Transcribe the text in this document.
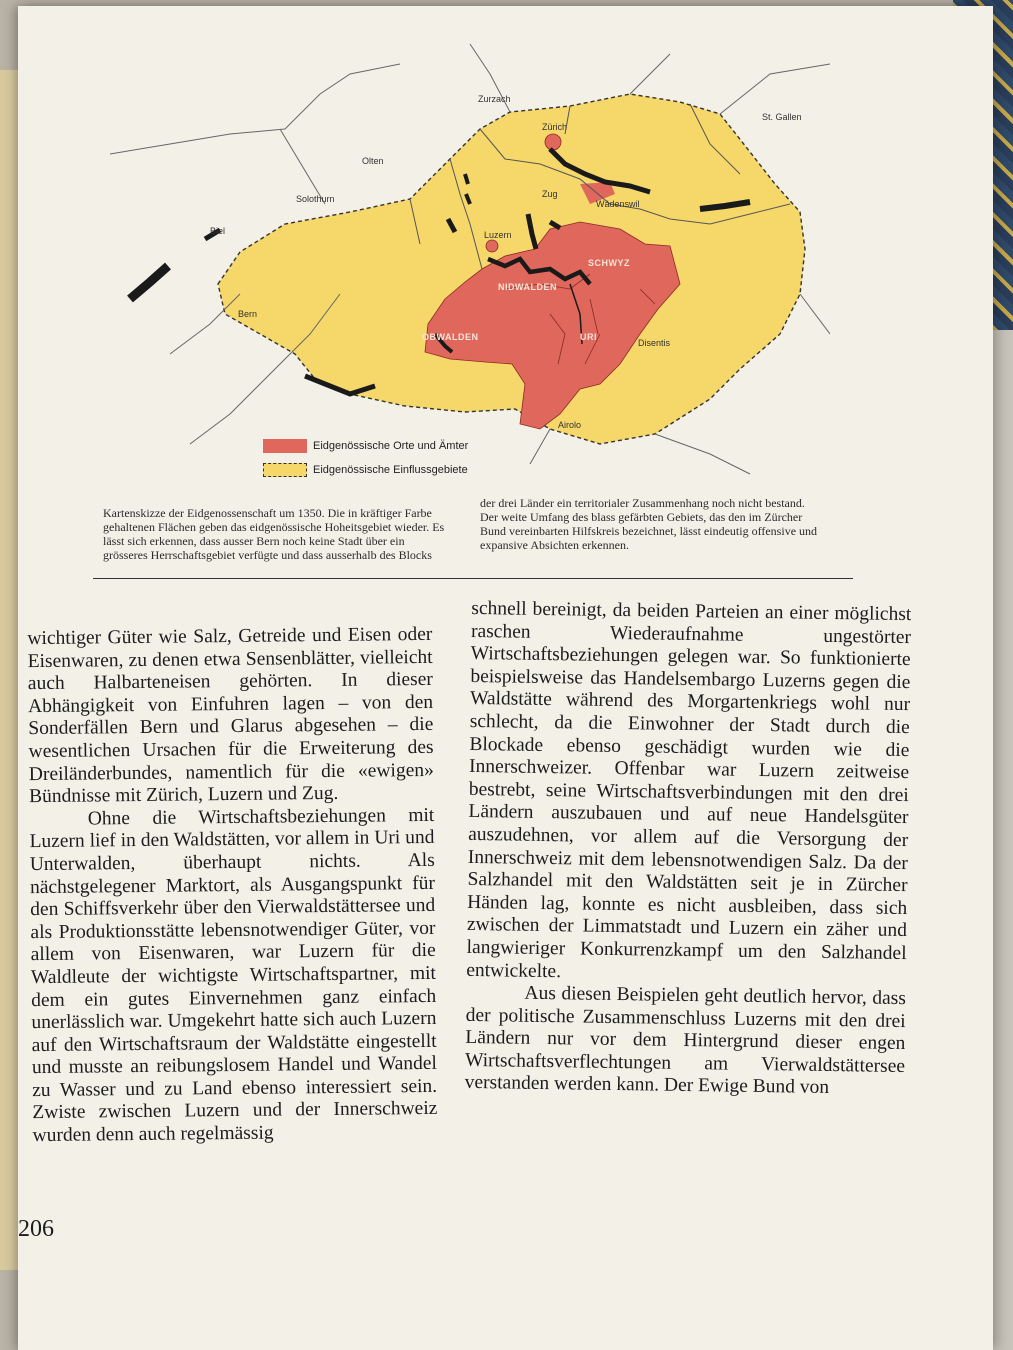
Zurzach
Zürich
St. Gallen
Olten
Solothurn	Zug
Wädenswil
Biel	Luzern
Bern
Disentis
Airolo
SCHWYZ
NIDWALDEN
OBWALDEN	URI
Eidgenössische Orte und Ämter
Eidgenössische Einflussgebiete
Kartenskizze der Eidgenossenschaft um 1350. Die in kräftiger Farbe gehaltenen Flächen geben das eidgenössische Hoheitsgebiet wieder. Es lässt sich erkennen, dass ausser Bern noch keine Stadt über ein grösseres Herrschaftsgebiet verfügte und dass ausserhalb des Blocks
der drei Länder ein territorialer Zusammenhang noch nicht bestand. Der weite Umfang des blass gefärbten Gebiets, das den im Zürcher Bund vereinbarten Hilfskreis bezeichnet, lässt eindeutig offensive und expansive Absichten erkennen.

wichtiger Güter wie Salz, Getreide und Eisen oder Eisenwaren, zu denen etwa Sensenblätter, vielleicht auch Halbarteneisen gehörten. In dieser Abhängigkeit von Einfuhren lagen – von den Sonderfällen Bern und Glarus abgesehen – die wesentlichen Ursachen für die Erweiterung des Dreiländerbundes, namentlich für die «ewigen» Bündnisse mit Zürich, Luzern und Zug.

Ohne die Wirtschaftsbeziehungen mit Luzern lief in den Waldstätten, vor allem in Uri und Unterwalden, überhaupt nichts. Als nächstgelegener Marktort, als Ausgangspunkt für den Schiffsverkehr über den Vierwaldstättersee und als Produktionsstätte lebensnotwendiger Güter, vor allem von Eisenwaren, war Luzern für die Waldleute der wichtigste Wirtschaftspartner, mit dem ein gutes Einvernehmen ganz einfach unerlässlich war. Umgekehrt hatte sich auch Luzern auf den Wirtschaftsraum der Waldstätte eingestellt und musste an reibungslosem Handel und Wandel zu Wasser und zu Land ebenso interessiert sein. Zwiste zwischen Luzern und der Innerschweiz wurden denn auch regelmässig

schnell bereinigt, da beiden Parteien an einer möglichst raschen Wiederaufnahme ungestörter Wirtschaftsbeziehungen gelegen war. So funktionierte beispielsweise das Handelsembargo Luzerns gegen die Waldstätte während des Morgartenkriegs wohl nur schlecht, da die Einwohner der Stadt durch die Blockade ebenso geschädigt wurden wie die Innerschweizer. Offenbar war Luzern zeitweise bestrebt, seine Wirtschaftsverbindungen mit den drei Ländern auszubauen und auf neue Handelsgüter auszudehnen, vor allem auf die Versorgung der Innerschweiz mit dem lebensnotwendigen Salz. Da der Salzhandel mit den Waldstätten seit je in Zürcher Händen lag, konnte es nicht ausbleiben, dass sich zwischen der Limmatstadt und Luzern ein zäher und langwieriger Konkurrenzkampf um den Salzhandel entwickelte.

Aus diesen Beispielen geht deutlich hervor, dass der politische Zusammenschluss Luzerns mit den drei Ländern nur vor dem Hintergrund dieser engen Wirtschaftsverflechtungen am Vierwaldstättersee verstanden werden kann. Der Ewige Bund von

206
